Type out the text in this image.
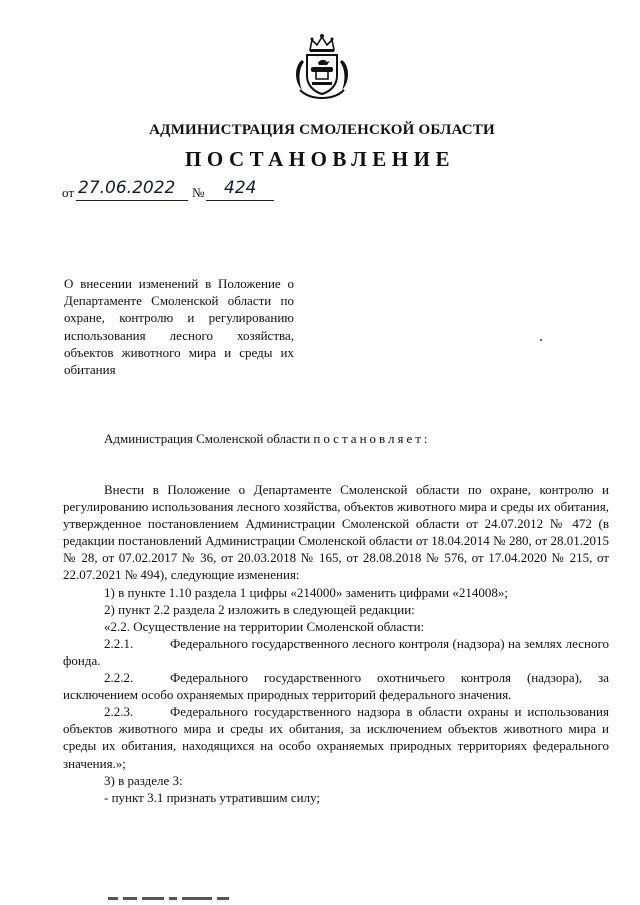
АДМИНИСТРАЦИЯ СМОЛЕНСКОЙ ОБЛАСТИ
ПОСТАНОВЛЕНИЕ
от 27.06.2022 № 424
О внесении изменений в Положение о Департаменте Смоленской области по охране, контролю и регулированию использования лесного хозяйства, объектов животного мира и среды их обитания
Администрация Смоленской области постановляет:

Внести в Положение о Департаменте Смоленской области по охране, контролю и регулированию использования лесного хозяйства, объектов животного мира и среды их обитания, утвержденное постановлением Администрации Смоленской области от 24.07.2012 № 472 (в редакции постановлений Администрации Смоленской области от 18.04.2014 № 280, от 28.01.2015 № 28, от 07.02.2017 № 36, от 20.03.2018 № 165, от 28.08.2018 № 576, от 17.04.2020 № 215, от 22.07.2021 № 494), следующие изменения:

1) в пункте 1.10 раздела 1 цифры «214000» заменить цифрами «214008»;

2) пункт 2.2 раздела 2 изложить в следующей редакции:

«2.2. Осуществление на территории Смоленской области:

2.2.1.	Федерального государственного лесного контроля (надзора) на землях лесного фонда.

2.2.2.	Федерального государственного охотничьего контроля (надзора), за исключением особо охраняемых природных территорий федерального значения.

2.2.3.	Федерального государственного надзора в области охраны и использования объектов животного мира и среды их обитания, за исключением объектов животного мира и среды их обитания, находящихся на особо охраняемых природных территориях федерального значения.»;

3) в разделе 3:

- пункт 3.1 признать утратившим силу;
